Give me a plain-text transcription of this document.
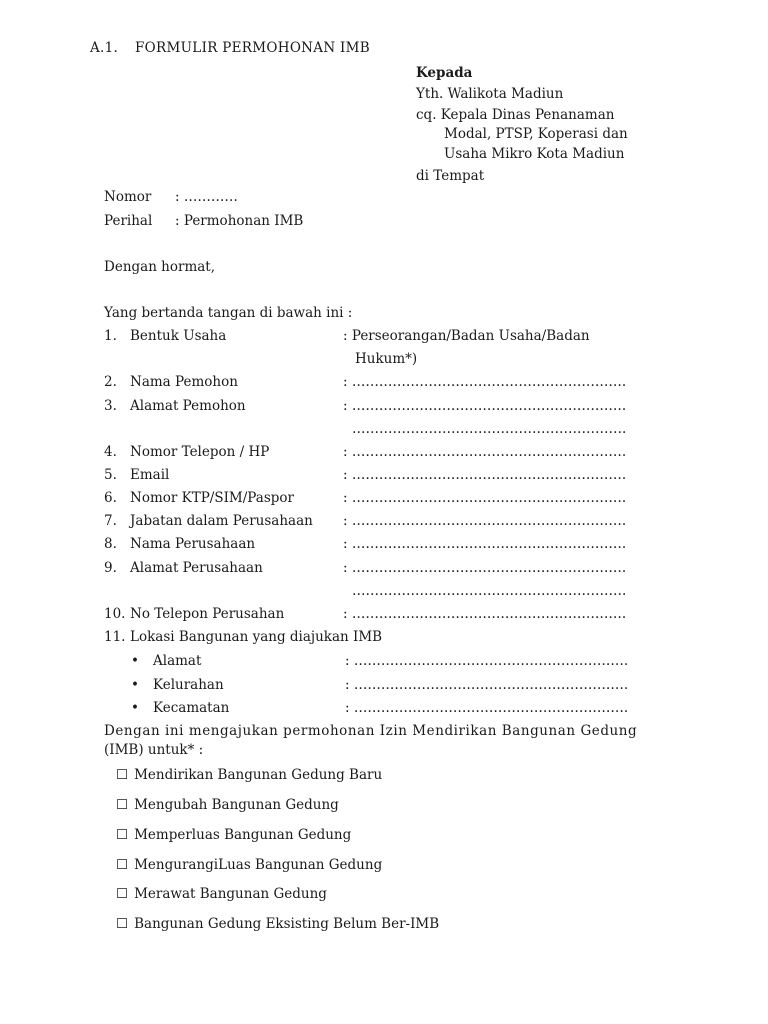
A.1. FORMULIR PERMOHONAN IMB
Kepada
Yth. Walikota Madiun
cq. Kepala Dinas Penanaman
Modal, PTSP, Koperasi dan
Usaha Mikro Kota Madiun
di Tempat
Nomor : …………
Perihal : Permohonan IMB
Dengan hormat,
Yang bertanda tangan di bawah ini :
1. Bentuk Usaha	: Perseorangan/Badan Usaha/Badan
Hukum*)
2. Nama Pemohon	: …………………………………………………….
3. Alamat Pemohon	: …………………………………………………….
…………………………………………………….
4. Nomor Telepon / HP	: …………………………………………………….
5. Email	: …………………………………………………….
6. Nomor KTP/SIM/Paspor	: …………………………………………………….
7. Jabatan dalam Perusahaan : …………………………………………………….
8. Nama Perusahaan	: …………………………………………………….
9. Alamat Perusahaan	: …………………………………………………….
…………………………………………………….
10. No Telepon Perusahan	: …………………………………………………….
11. Lokasi Bangunan yang diajukan IMB
• Alamat	: …………………………………………………….
• Kelurahan	: …………………………………………………….
• Kecamatan	: …………………………………………………….
Dengan ini mengajukan permohonan Izin Mendirikan Bangunan Gedung
(IMB) untuk* :
☐ Mendirikan Bangunan Gedung Baru
☐ Mengubah Bangunan Gedung
☐ Memperluas Bangunan Gedung
☐ MengurangiLuas Bangunan Gedung
☐ Merawat Bangunan Gedung
☐ Bangunan Gedung Eksisting Belum Ber-IMB
